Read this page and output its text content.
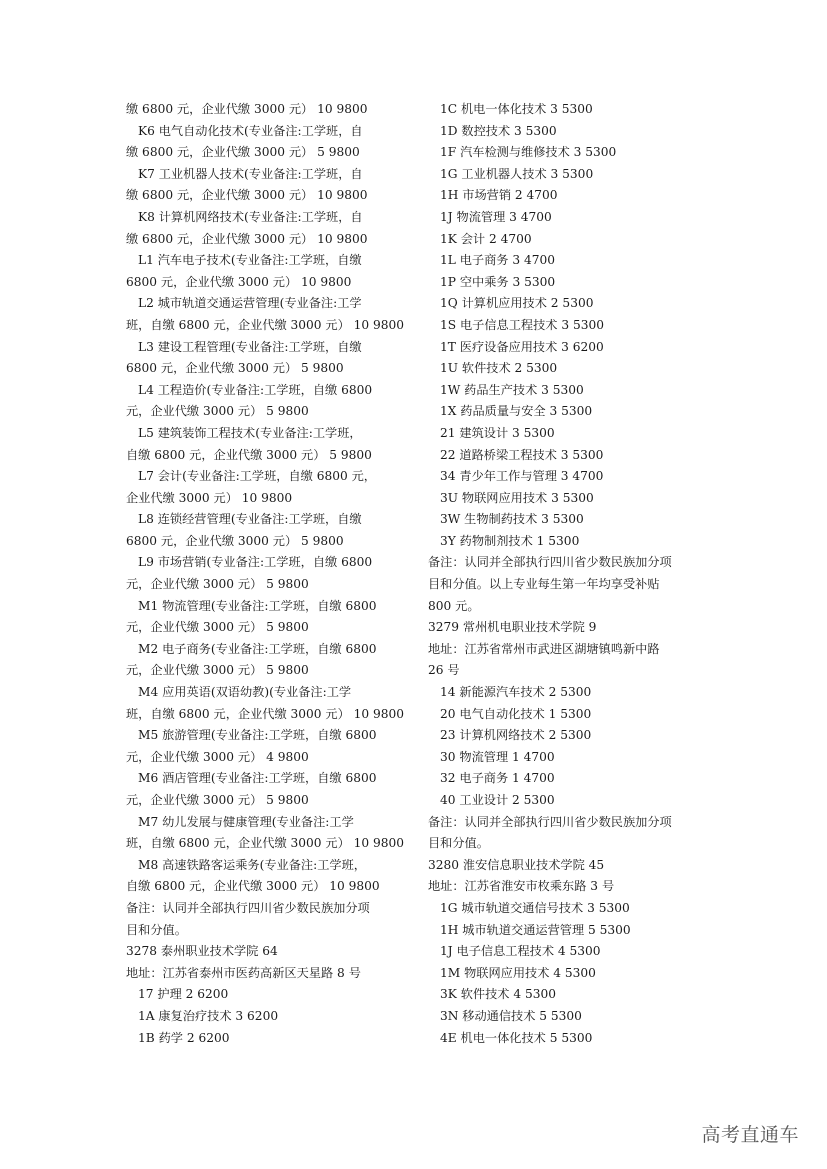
缴 6800 元，企业代缴 3000 元） 10 9800
K6 电气自动化技术(专业备注:工学班，自
缴 6800 元，企业代缴 3000 元） 5 9800
K7 工业机器人技术(专业备注:工学班，自
缴 6800 元，企业代缴 3000 元） 10 9800
K8 计算机网络技术(专业备注:工学班，自
缴 6800 元，企业代缴 3000 元） 10 9800
L1 汽车电子技术(专业备注:工学班，自缴
6800 元，企业代缴 3000 元） 10 9800
L2 城市轨道交通运营管理(专业备注:工学
班，自缴 6800 元，企业代缴 3000 元） 10 9800
L3 建设工程管理(专业备注:工学班，自缴
6800 元，企业代缴 3000 元） 5 9800
L4 工程造价(专业备注:工学班，自缴 6800
元，企业代缴 3000 元） 5 9800
L5 建筑装饰工程技术(专业备注:工学班，
自缴 6800 元，企业代缴 3000 元） 5 9800
L7 会计(专业备注:工学班，自缴 6800 元，
企业代缴 3000 元） 10 9800
L8 连锁经营管理(专业备注:工学班，自缴
6800 元，企业代缴 3000 元） 5 9800
L9 市场营销(专业备注:工学班，自缴 6800
元，企业代缴 3000 元） 5 9800
M1 物流管理(专业备注:工学班，自缴 6800
元，企业代缴 3000 元） 5 9800
M2 电子商务(专业备注:工学班，自缴 6800
元，企业代缴 3000 元） 5 9800
M4 应用英语(双语幼教)(专业备注:工学
班，自缴 6800 元，企业代缴 3000 元） 10 9800
M5 旅游管理(专业备注:工学班，自缴 6800
元，企业代缴 3000 元） 4 9800
M6 酒店管理(专业备注:工学班，自缴 6800
元，企业代缴 3000 元） 5 9800
M7 幼儿发展与健康管理(专业备注:工学
班，自缴 6800 元，企业代缴 3000 元） 10 9800
M8 高速铁路客运乘务(专业备注:工学班，
自缴 6800 元，企业代缴 3000 元） 10 9800
备注：认同并全部执行四川省少数民族加分项
目和分值。
3278 泰州职业技术学院 64
地址：江苏省泰州市医药高新区天星路 8 号
17 护理 2 6200
1A 康复治疗技术 3 6200
1B 药学 2 6200
1C 机电一体化技术 3 5300
1D 数控技术 3 5300
1F 汽车检测与维修技术 3 5300
1G 工业机器人技术 3 5300
1H 市场营销 2 4700
1J 物流管理 3 4700
1K 会计 2 4700
1L 电子商务 3 4700
1P 空中乘务 3 5300
1Q 计算机应用技术 2 5300
1S 电子信息工程技术 3 5300
1T 医疗设备应用技术 3 6200
1U 软件技术 2 5300
1W 药品生产技术 3 5300
1X 药品质量与安全 3 5300
21 建筑设计 3 5300
22 道路桥梁工程技术 3 5300
34 青少年工作与管理 3 4700
3U 物联网应用技术 3 5300
3W 生物制药技术 3 5300
3Y 药物制剂技术 1 5300
备注：认同并全部执行四川省少数民族加分项
目和分值。以上专业每生第一年均享受补贴
800 元。
3279 常州机电职业技术学院 9
地址：江苏省常州市武进区湖塘镇鸣新中路
26 号
14 新能源汽车技术 2 5300
20 电气自动化技术 1 5300
23 计算机网络技术 2 5300
30 物流管理 1 4700
32 电子商务 1 4700
40 工业设计 2 5300
备注：认同并全部执行四川省少数民族加分项
目和分值。
3280 淮安信息职业技术学院 45
地址：江苏省淮安市枚乘东路 3 号
1G 城市轨道交通信号技术 3 5300
1H 城市轨道交通运营管理 5 5300
1J 电子信息工程技术 4 5300
1M 物联网应用技术 4 5300
3K 软件技术 4 5300
3N 移动通信技术 5 5300
4E 机电一体化技术 5 5300
高考直通车
